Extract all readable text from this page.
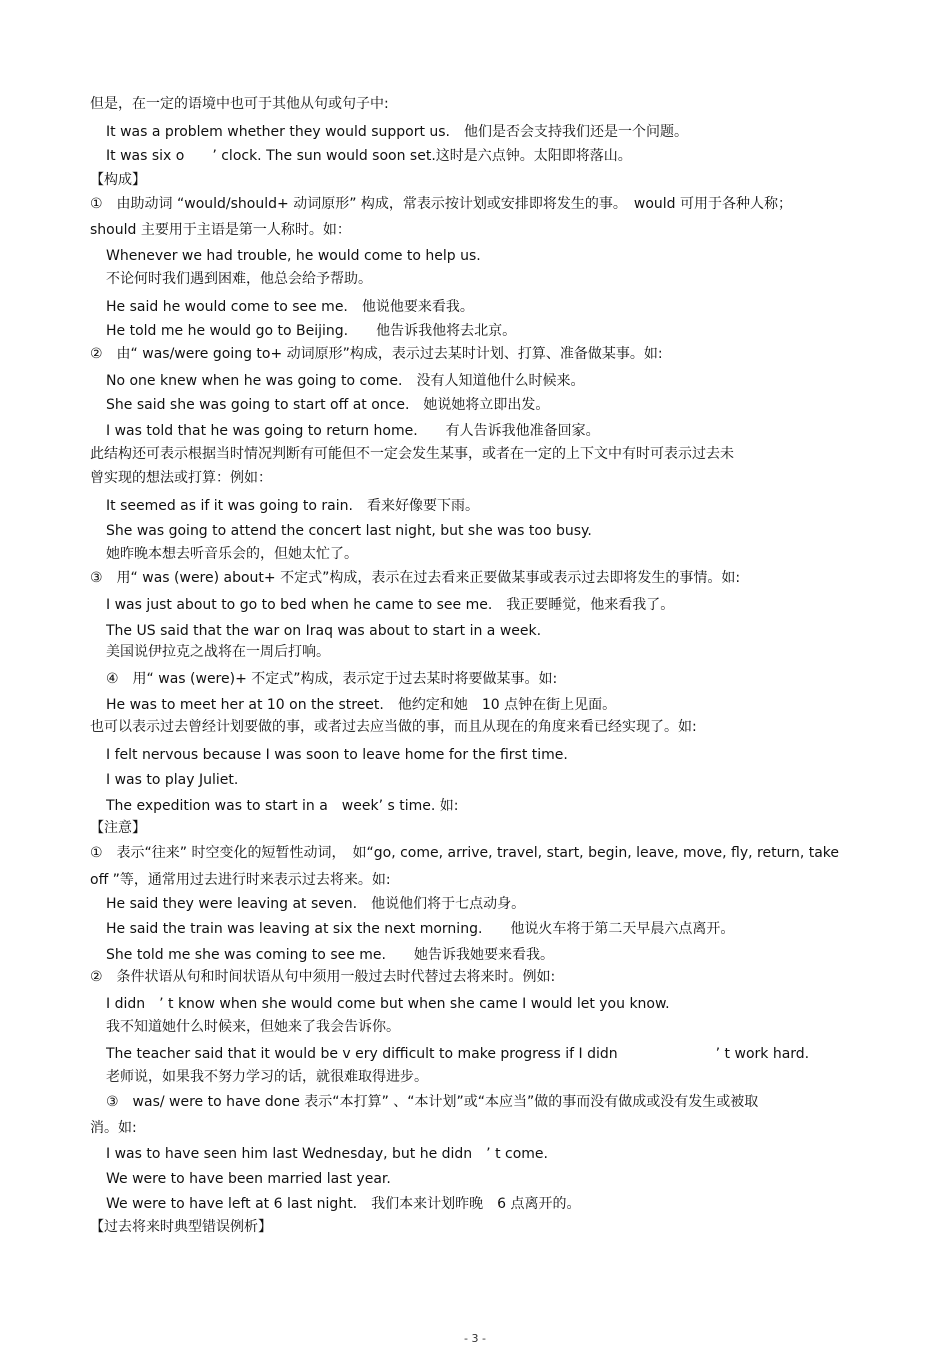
但是，在一定的语境中也可于其他从句或句子中:
It was a problem whether they would support us.　他们是否会支持我们还是一个问题。
It was six o　　’ clock. The sun would soon set.这时是六点钟。太阳即将落山。
【构成】
①　由助动词 “would/should+ 动词原形” 构成，常表示按计划或安排即将发生的事。　would 可用于各种人称；
should 主要用于主语是第一人称时。如：
Whenever we had trouble, he would come to help us.
不论何时我们遇到困难，他总会给予帮助。
He said he would come to see me.　他说他要来看我。
He told me he would go to Beijing.　　他告诉我他将去北京。
②　由“ was/were going to+ 动词原形”构成，表示过去某时计划、打算、准备做某事。如:
No one knew when he was going to come.　没有人知道他什么时候来。
She said she was going to start off at once.　她说她将立即出发。
I was told that he was going to return home.　　有人告诉我他准备回家。
此结构还可表示根据当时情况判断有可能但不一定会发生某事，或者在一定的上下文中有时可表示过去未
曾实现的想法或打算：例如：
It seemed as if it was going to rain.　看来好像要下雨。
She was going to attend the concert last night, but she was too busy.
她昨晚本想去听音乐会的，但她太忙了。
③　用“ was (were) about+ 不定式”构成，表示在过去看来正要做某事或表示过去即将发生的事情。如:
I was just about to go to bed when he came to see me.　我正要睡觉，他来看我了。
The US said that the war on Iraq was about to start in a week.
美国说伊拉克之战将在一周后打响。
④　用“ was (were)+ 不定式”构成，表示定于过去某时将要做某事。如:
He was to meet her at 10 on the street.　他约定和她　10 点钟在街上见面。
也可以表示过去曾经计划要做的事，或者过去应当做的事，而且从现在的角度来看已经实现了。如:
I felt nervous because I was soon to leave home for the first time.
I was to play Juliet.
The expedition was to start in a　week’ s time. 如:
【注意】
①　表示“往来” 时空变化的短暂性动词，　如“go, come, arrive, travel, start, begin, leave, move, fly, return, take
off ”等，通常用过去进行时来表示过去将来。如:
He said they were leaving at seven.　他说他们将于七点动身。
He said the train was leaving at six the next morning.　　他说火车将于第二天早晨六点离开。
She told me she was coming to see me.　　她告诉我她要来看我。
②　条件状语从句和时间状语从句中须用一般过去时代替过去将来时。例如:
I didn　’ t know when she would come but when she came I would let you know.
我不知道她什么时候来，但她来了我会告诉你。
The teacher said that it would be v ery difficult to make progress if I didn　　　　　　　’ t work hard.
老师说，如果我不努力学习的话，就很难取得进步。
③　was/ were to have done 表示“本打算” 、“本计划”或“本应当”做的事而没有做成或没有发生或被取
消。如:
I was to have seen him last Wednesday, but he didn　’ t come.
We were to have been married last year.
We were to have left at 6 last night.　我们本来计划昨晚　6 点离开的。
【过去将来时典型错误例析】
- 3 -
